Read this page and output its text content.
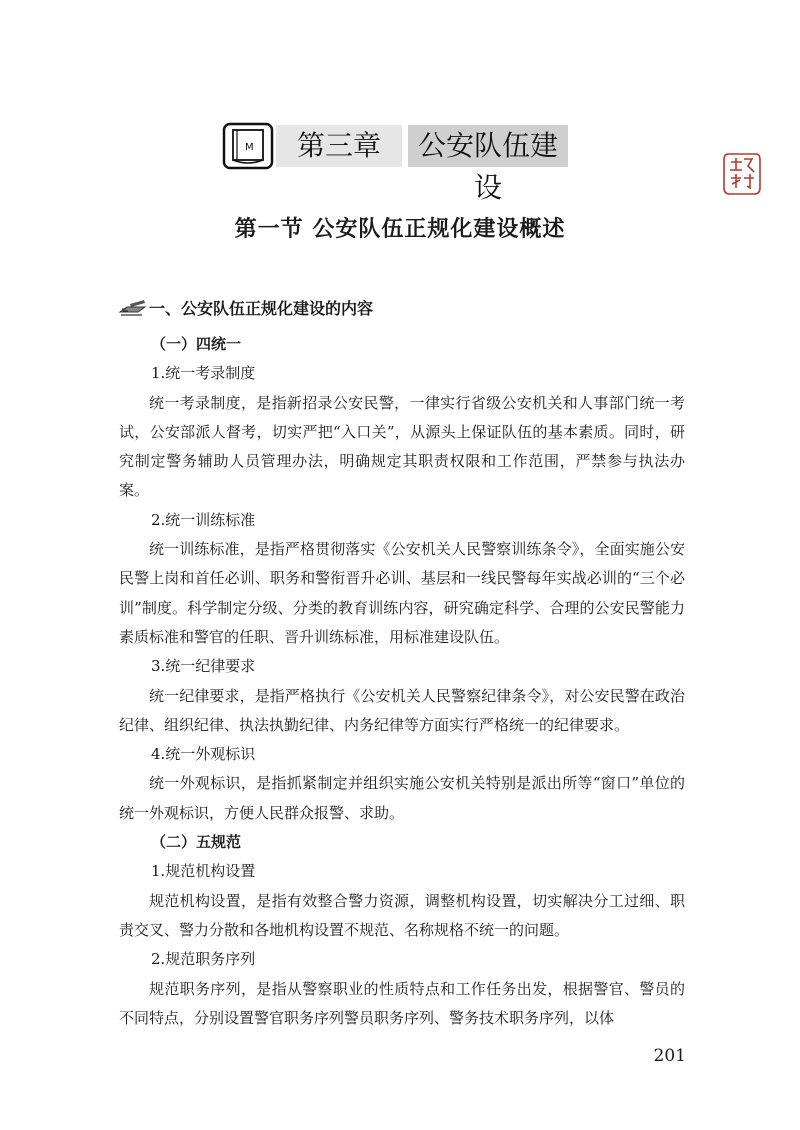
M	第三章	公安队伍建设
第一节 公安队伍正规化建设概述
一、公安队伍正规化建设的内容

（一）四统一

1.统一考录制度

统一考录制度，是指新招录公安民警，一律实行省级公安机关和人事部门统一考试，公安部派人督考，切实严把“入口关”，从源头上保证队伍的基本素质。同时，研究制定警务辅助人员管理办法，明确规定其职责权限和工作范围，严禁参与执法办案。

2.统一训练标准

统一训练标准，是指严格贯彻落实《公安机关人民警察训练条令》，全面实施公安民警上岗和首任必训、职务和警衔晋升必训、基层和一线民警每年实战必训的“三个必训”制度。科学制定分级、分类的教育训练内容，研究确定科学、合理的公安民警能力素质标准和警官的任职、晋升训练标准，用标准建设队伍。

3.统一纪律要求

统一纪律要求，是指严格执行《公安机关人民警察纪律条令》，对公安民警在政治纪律、组织纪律、执法执勤纪律、内务纪律等方面实行严格统一的纪律要求。

4.统一外观标识

统一外观标识，是指抓紧制定并组织实施公安机关特别是派出所等“窗口”单位的统一外观标识，方便人民群众报警、求助。

（二）五规范

1.规范机构设置

规范机构设置，是指有效整合警力资源，调整机构设置，切实解决分工过细、职责交叉、警力分散和各地机构设置不规范、名称规格不统一的问题。

2.规范职务序列

规范职务序列，是指从警察职业的性质特点和工作任务出发，根据警官、警员的不同特点，分别设置警官职务序列警员职务序列、警务技术职务序列，以体

201
